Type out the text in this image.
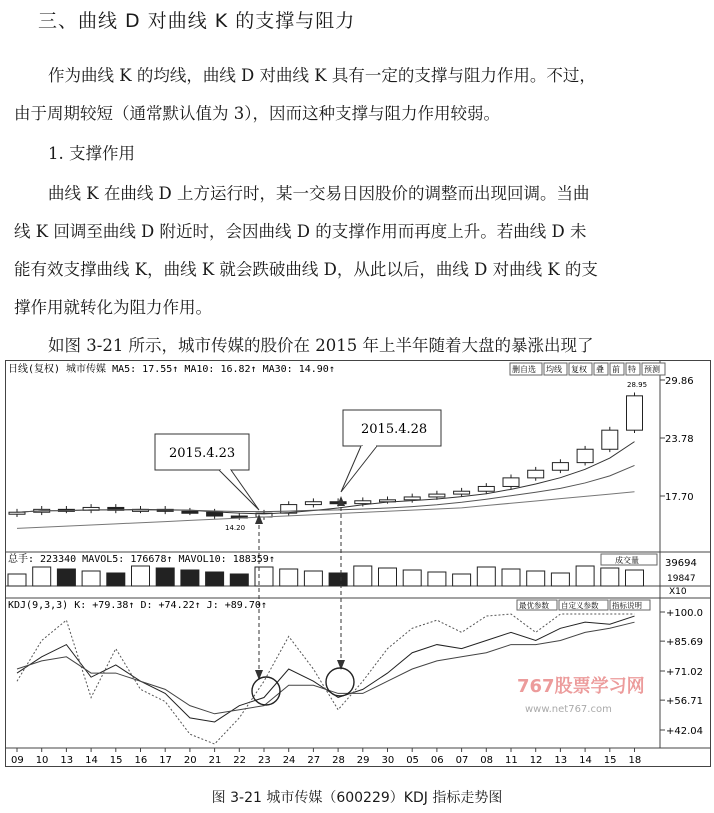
三、曲线 D 对曲线 K 的支撑与阻力
作为曲线 K 的均线，曲线 D 对曲线 K 具有一定的支撑与阻力作用。不过，
由于周期较短（通常默认值为 3），因而这种支撑与阻力作用较弱。
1. 支撑作用
曲线 K 在曲线 D 上方运行时，某一交易日因股价的调整而出现回调。当曲
线 K 回调至曲线 D 附近时，会因曲线 D 的支撑作用而再度上升。若曲线 D 未
能有效支撑曲线 K，曲线 K 就会跌破曲线 D，从此以后，曲线 D 对曲线 K 的支
撑作用就转化为阻力作用。
如图 3-21 所示，城市传媒的股价在 2015 年上半年随着大盘的暴涨出现了
日线(复权) 城市传媒 MA5: 17.55↑ MA10: 16.82↑ MA30: 14.90↑	删自选 均线 复权 叠 前 特 预测
29.86
23.78
17.70
28.95
14.20
2015.4.23
2015.4.28
总手: 223340 MAVOL5: 176678↑ MAVOL10: 188359↑	成交量	39694
19847
X10
KDJ(9,3,3) K: +79.38↑ D: +74.22↑ J: +89.70↑	最优参数 自定义参数 指标说明
+100.0
+85.69
+71.02
+56.71
+42.04
767股票学习网
www.net767.com
09 10 13 14 15 16 17 20 21 22 23 24 27 28 29 30 05 06 07 08 11 12 13 14 15 18
图 3-21 城市传媒（600229）KDJ 指标走势图
